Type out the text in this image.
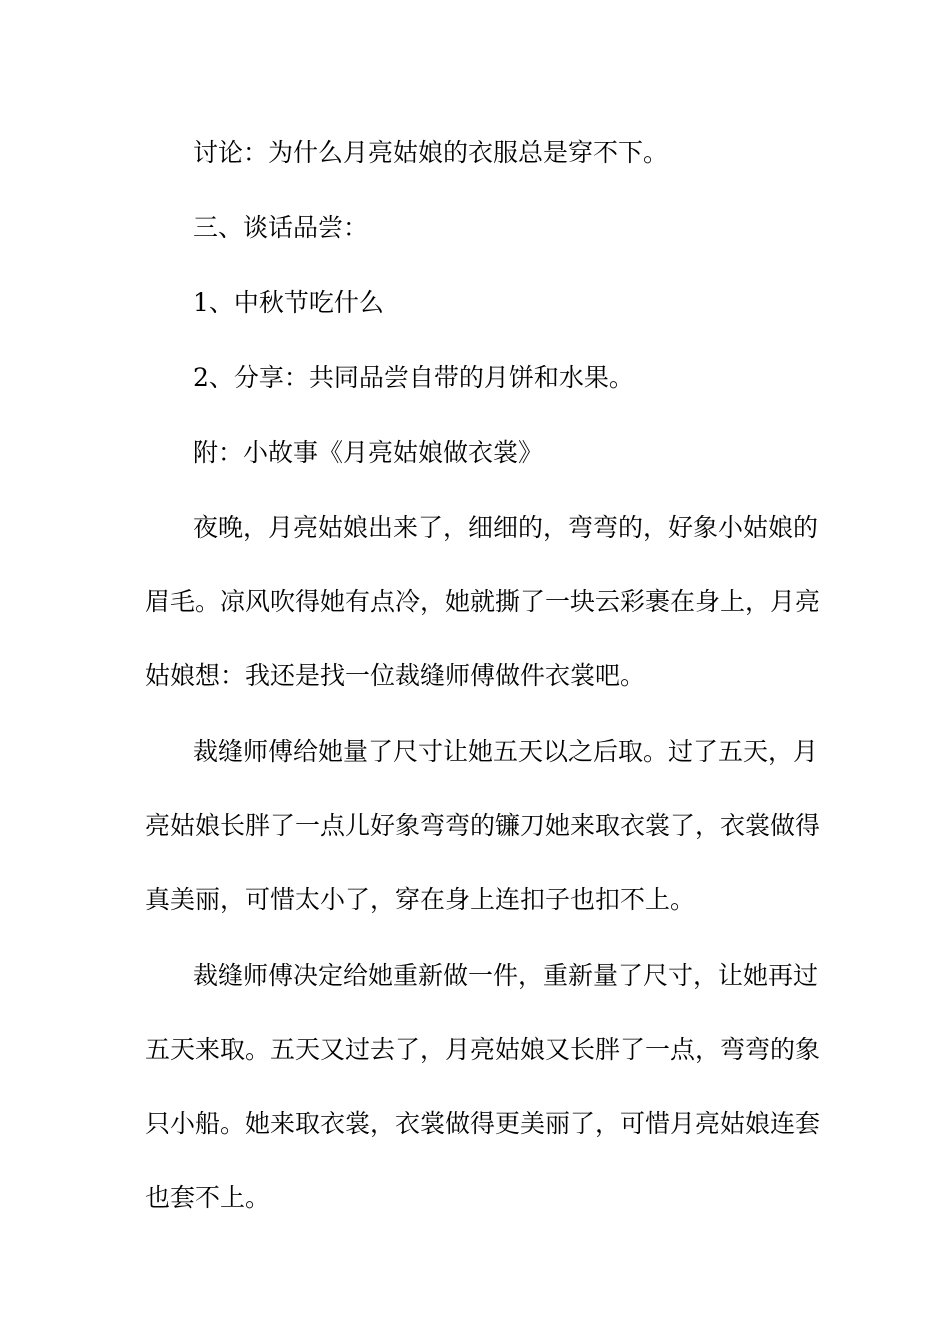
讨论：为什么月亮姑娘的衣服总是穿不下。
三、谈话品尝：
1、中秋节吃什么
2、分享：共同品尝自带的月饼和水果。
附：小故事《月亮姑娘做衣裳》
夜晚，月亮姑娘出来了，细细的，弯弯的，好象小姑娘的
眉毛。凉风吹得她有点冷，她就撕了一块云彩裹在身上，月亮
姑娘想：我还是找一位裁缝师傅做件衣裳吧。
裁缝师傅给她量了尺寸让她五天以之后取。过了五天，月
亮姑娘长胖了一点儿好象弯弯的镰刀她来取衣裳了，衣裳做得
真美丽，可惜太小了，穿在身上连扣子也扣不上。
裁缝师傅决定给她重新做一件，重新量了尺寸，让她再过
五天来取。五天又过去了，月亮姑娘又长胖了一点，弯弯的象
只小船。她来取衣裳，衣裳做得更美丽了，可惜月亮姑娘连套
也套不上。
